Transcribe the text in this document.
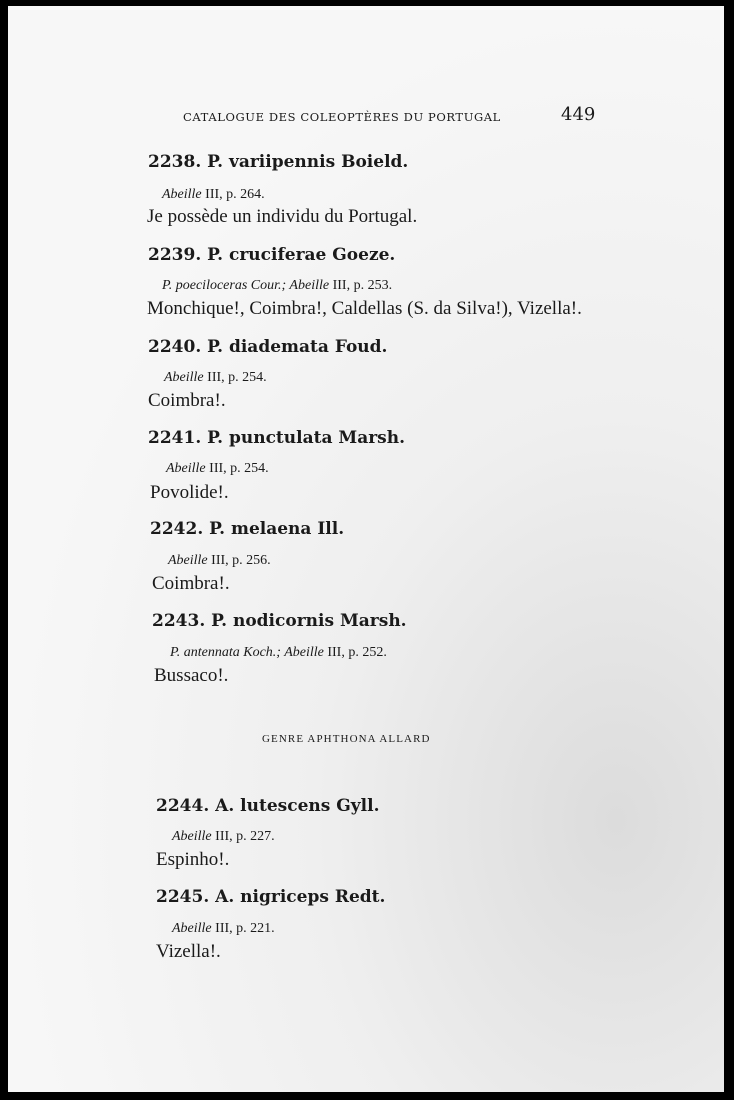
CATALOGUE DES COLEOPTÈRES DU PORTUGAL	449
2238. P. variipennis Boield.
Abeille III, p. 264.
Je possède un individu du Portugal.
2239. P. cruciferae Goeze.
P. poeciloceras Cour.; Abeille III, p. 253.
Monchique!, Coimbra!, Caldellas (S. da Silva!), Vizella!.
2240. P. diademata Foud.
Abeille III, p. 254.
Coimbra!.
2241. P. punctulata Marsh.
Abeille III, p. 254.
Povolide!.
2242. P. melaena Ill.
Abeille III, p. 256.
Coimbra!.
2243. P. nodicornis Marsh.
P. antennata Koch.; Abeille III, p. 252.
Bussaco!.
GENRE APHTHONA ALLARD
2244. A. lutescens Gyll.
Abeille III, p. 227.
Espinho!.
2245. A. nigriceps Redt.
Abeille III, p. 221.
Vizella!.
